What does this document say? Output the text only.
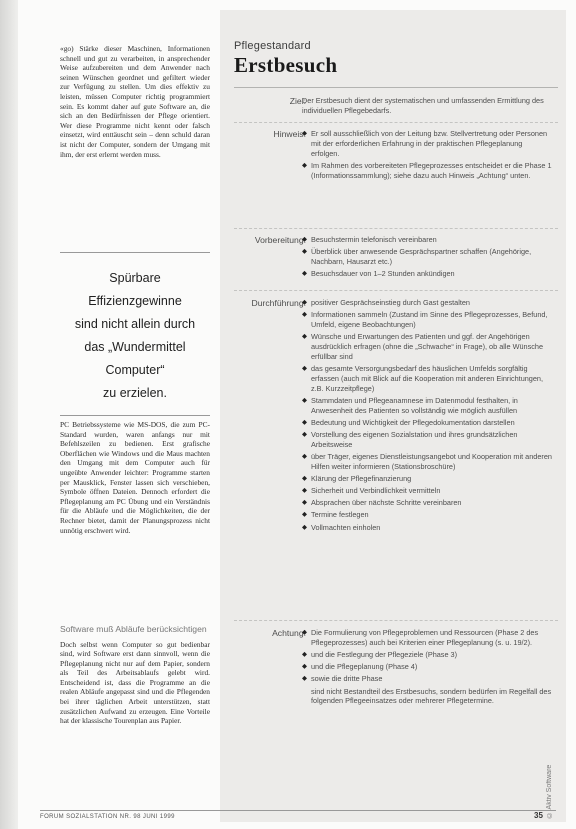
«go) Stärke dieser Maschinen, Informationen schnell und gut zu verarbeiten, in ansprechender Weise aufzubereiten und dem Anwender nach seinen Wünschen geordnet und gefiltert wieder zur Verfügung zu stellen. Um dies effektiv zu leisten, müssen Computer richtig programmiert sein. Es kommt daher auf gute Software an, die sich an den Bedürfnissen der Pflege orientiert. Wer diese Programme nicht kennt oder falsch einsetzt, wird enttäuscht sein – denn schuld daran ist nicht der Computer, sondern der Umgang mit ihm, der erst erlernt werden muss.

Spürbare
Effizienzgewinne
sind nicht allein durch
das „Wundermittel
Computer“
zu erzielen.

PC Betriebssysteme wie MS-DOS, die zum PC-Standard wurden, waren anfangs nur mit Befehlszeilen zu bedienen. Erst grafische Oberflächen wie Windows und die Maus machten den Umgang mit dem Computer auch für ungeübte Anwender leichter: Programme starten per Mausklick, Fenster lassen sich verschieben, Symbole öffnen Dateien. Dennoch erfordert die Pflegeplanung am PC Übung und ein Verständnis für die Abläufe und die Möglichkeiten, die der Rechner bietet, damit der Planungsprozess nicht unnötig erschwert wird.

Software muß Abläufe berücksichtigen

Doch selbst wenn Computer so gut bedienbar sind, wird Software erst dann sinnvoll, wenn die Pflegeplanung nicht nur auf dem Papier, sondern als Teil des Arbeitsablaufs gelebt wird. Entscheidend ist, dass die Programme an die realen Abläufe angepasst sind und die Pflegenden bei ihrer täglichen Arbeit unterstützen, statt zusätzlichen Aufwand zu erzeugen. Eine Vorteile hat der klassische Tourenplan aus Papier.

Pflegestandard
Erstbesuch
Ziel:

Der Erstbesuch dient der systematischen und umfassenden Ermittlung des individuellen Pflegebedarfs.

Hinweis: ◆ Er soll ausschließlich von der Leitung bzw. Stellvertretung oder Personen mit der erforderlichen Erfahrung in der praktischen Pflegeplanung erfolgen.
◆ Im Rahmen des vorbereiteten Pflegeprozesses entscheidet er die Phase 1 (Informationssammlung); siehe dazu auch Hinweis „Achtung“ unten.
Vorbereitung: ◆ Besuchstermin telefonisch vereinbaren
◆ Überblick über anwesende Gesprächspartner schaffen (Angehörige, Nachbarn, Hausarzt etc.)
◆ Besuchsdauer von 1–2 Stunden ankündigen
Durchführung: ◆ positiver Gesprächseinstieg durch Gast gestalten
◆ Informationen sammeln (Zustand im Sinne des Pflegeprozesses, Befund, Umfeld, eigene Beobachtungen)
◆ Wünsche und Erwartungen des Patienten und ggf. der Angehörigen ausdrücklich erfragen (ohne die „Schwache“ in Frage), ob alle Wünsche erfüllbar sind
◆ das gesamte Versorgungsbedarf des häuslichen Umfelds sorgfältig erfassen (auch mit Blick auf die Kooperation mit anderen Einrichtungen, z.B. Kurzzeitpflege)
◆ Stammdaten und Pflegeanamnese im Datenmodul festhalten, in Anwesenheit des Patienten so vollständig wie möglich ausfüllen
◆ Bedeutung und Wichtigkeit der Pflegedokumentation darstellen
◆ Vorstellung des eigenen Sozialstation und ihres grundsätzlichen Arbeitsweise
◆ über Träger, eigenes Dienstleistungsangebot und Kooperation mit anderen Hilfen weiter informieren (Stationsbroschüre)
◆ Klärung der Pflegefinanzierung
◆ Sicherheit und Verbindlichkeit vermitteln
◆ Absprachen über nächste Schritte vereinbaren
◆ Termine festlegen
◆ Vollmachten einholen
Achtung! ◆ Die Formulierung von Pflegeproblemen und Ressourcen (Phase 2 des Pflegeprozesses) auch bei Kriterien einer Pflegeplanung (s. u. 19/2).
◆ und die Festlegung der Pflegeziele (Phase 3)
◆ und die Pflegeplanung (Phase 4)
◆ sowie die dritte Phase

sind nicht Bestandteil des Erstbesuchs, sondern bedürfen im Regelfall des folgenden Pflegeeinsatzes oder mehrerer Pflegetermine.

© Aktiv Software
FORUM SOZIALSTATION NR. 98 JUNI 1999	35
